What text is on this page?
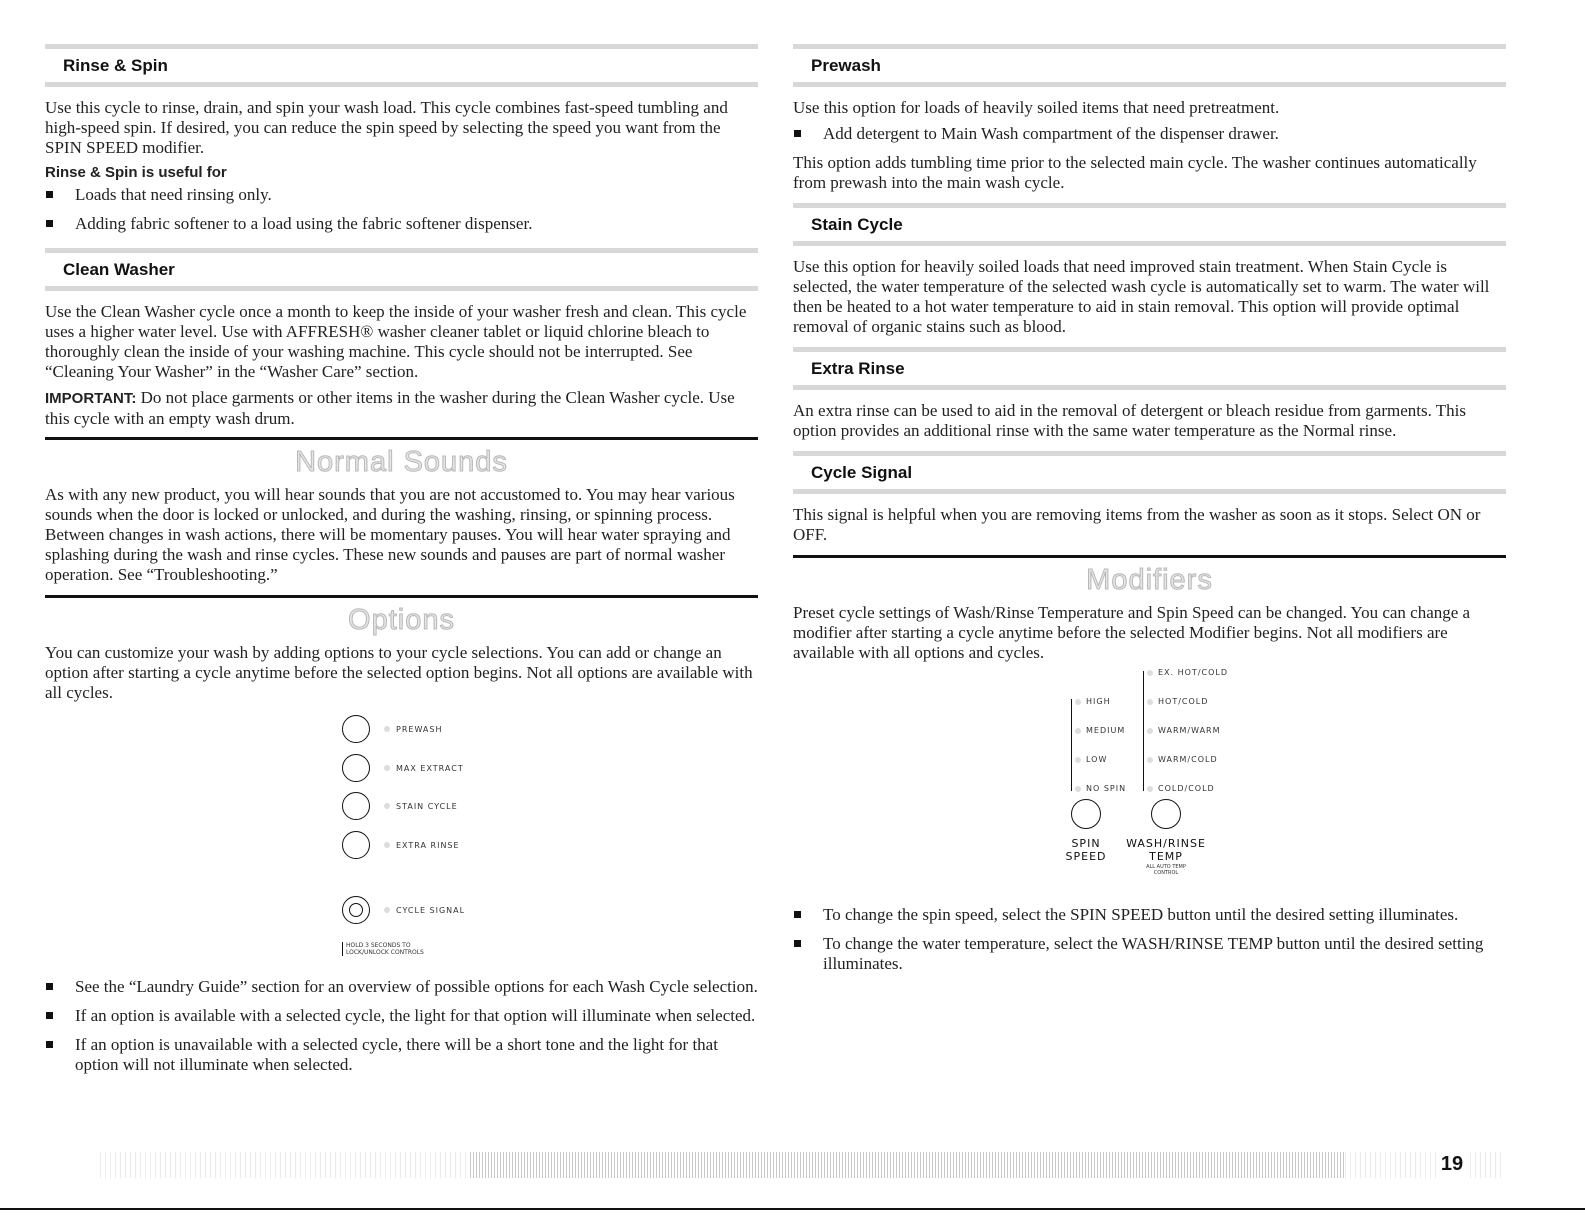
Rinse & Spin

Use this cycle to rinse, drain, and spin your wash load. This cycle combines fast-speed tumbling and high-speed spin. If desired, you can reduce the spin speed by selecting the speed you want from the SPIN SPEED modifier.

Rinse & Spin is useful for
Loads that need rinsing only.
Adding fabric softener to a load using the fabric softener dispenser.
Clean Washer

Use the Clean Washer cycle once a month to keep the inside of your washer fresh and clean. This cycle uses a higher water level. Use with AFFRESH® washer cleaner tablet or liquid chlorine bleach to thoroughly clean the inside of your washing machine. This cycle should not be interrupted. See “Cleaning Your Washer” in the “Washer Care” section.

IMPORTANT: Do not place garments or other items in the washer during the Clean Washer cycle. Use this cycle with an empty wash drum.

Normal Sounds

As with any new product, you will hear sounds that you are not accustomed to. You may hear various sounds when the door is locked or unlocked, and during the washing, rinsing, or spinning process. Between changes in wash actions, there will be momentary pauses. You will hear water spraying and splashing during the wash and rinse cycles. These new sounds and pauses are part of normal washer operation. See “Troubleshooting.”

Options

You can customize your wash by adding options to your cycle selections. You can add or change an option after starting a cycle anytime before the selected option begins. Not all options are available with all cycles.

PREWASH
MAX EXTRACT
STAIN CYCLE
EXTRA RINSE
CYCLE SIGNAL
HOLD 3 SECONDS TO
LOCK/UNLOCK CONTROLS
See the “Laundry Guide” section for an overview of possible options for each Wash Cycle selection.
If an option is available with a selected cycle, the light for that option will illuminate when selected.
If an option is unavailable with a selected cycle, there will be a short tone and the light for that option will not illuminate when selected.
Prewash

Use this option for loads of heavily soiled items that need pretreatment.

Add detergent to Main Wash compartment of the dispenser drawer.

This option adds tumbling time prior to the selected main cycle. The washer continues automatically from prewash into the main wash cycle.

Stain Cycle

Use this option for heavily soiled loads that need improved stain treatment. When Stain Cycle is selected, the water temperature of the selected wash cycle is automatically set to warm. The water will then be heated to a hot water temperature to aid in stain removal. This option will provide optimal removal of organic stains such as blood.

Extra Rinse

An extra rinse can be used to aid in the removal of detergent or bleach residue from garments. This option provides an additional rinse with the same water temperature as the Normal rinse.

Cycle Signal

This signal is helpful when you are removing items from the washer as soon as it stops. Select ON or OFF.

Modifiers

Preset cycle settings of Wash/Rinse Temperature and Spin Speed can be changed. You can change a modifier after starting a cycle anytime before the selected Modifier begins. Not all modifiers are available with all options and cycles.

HIGH
MEDIUM
LOW
NO SPIN
EX. HOT/COLD
HOT/COLD
WARM/WARM
WARM/COLD
COLD/COLD
SPIN
SPEED
WASH/RINSE
TEMP
ALL AUTO TEMP
CONTROL
To change the spin speed, select the SPIN SPEED button until the desired setting illuminates.
To change the water temperature, select the WASH/RINSE TEMP button until the desired setting illuminates.
19
